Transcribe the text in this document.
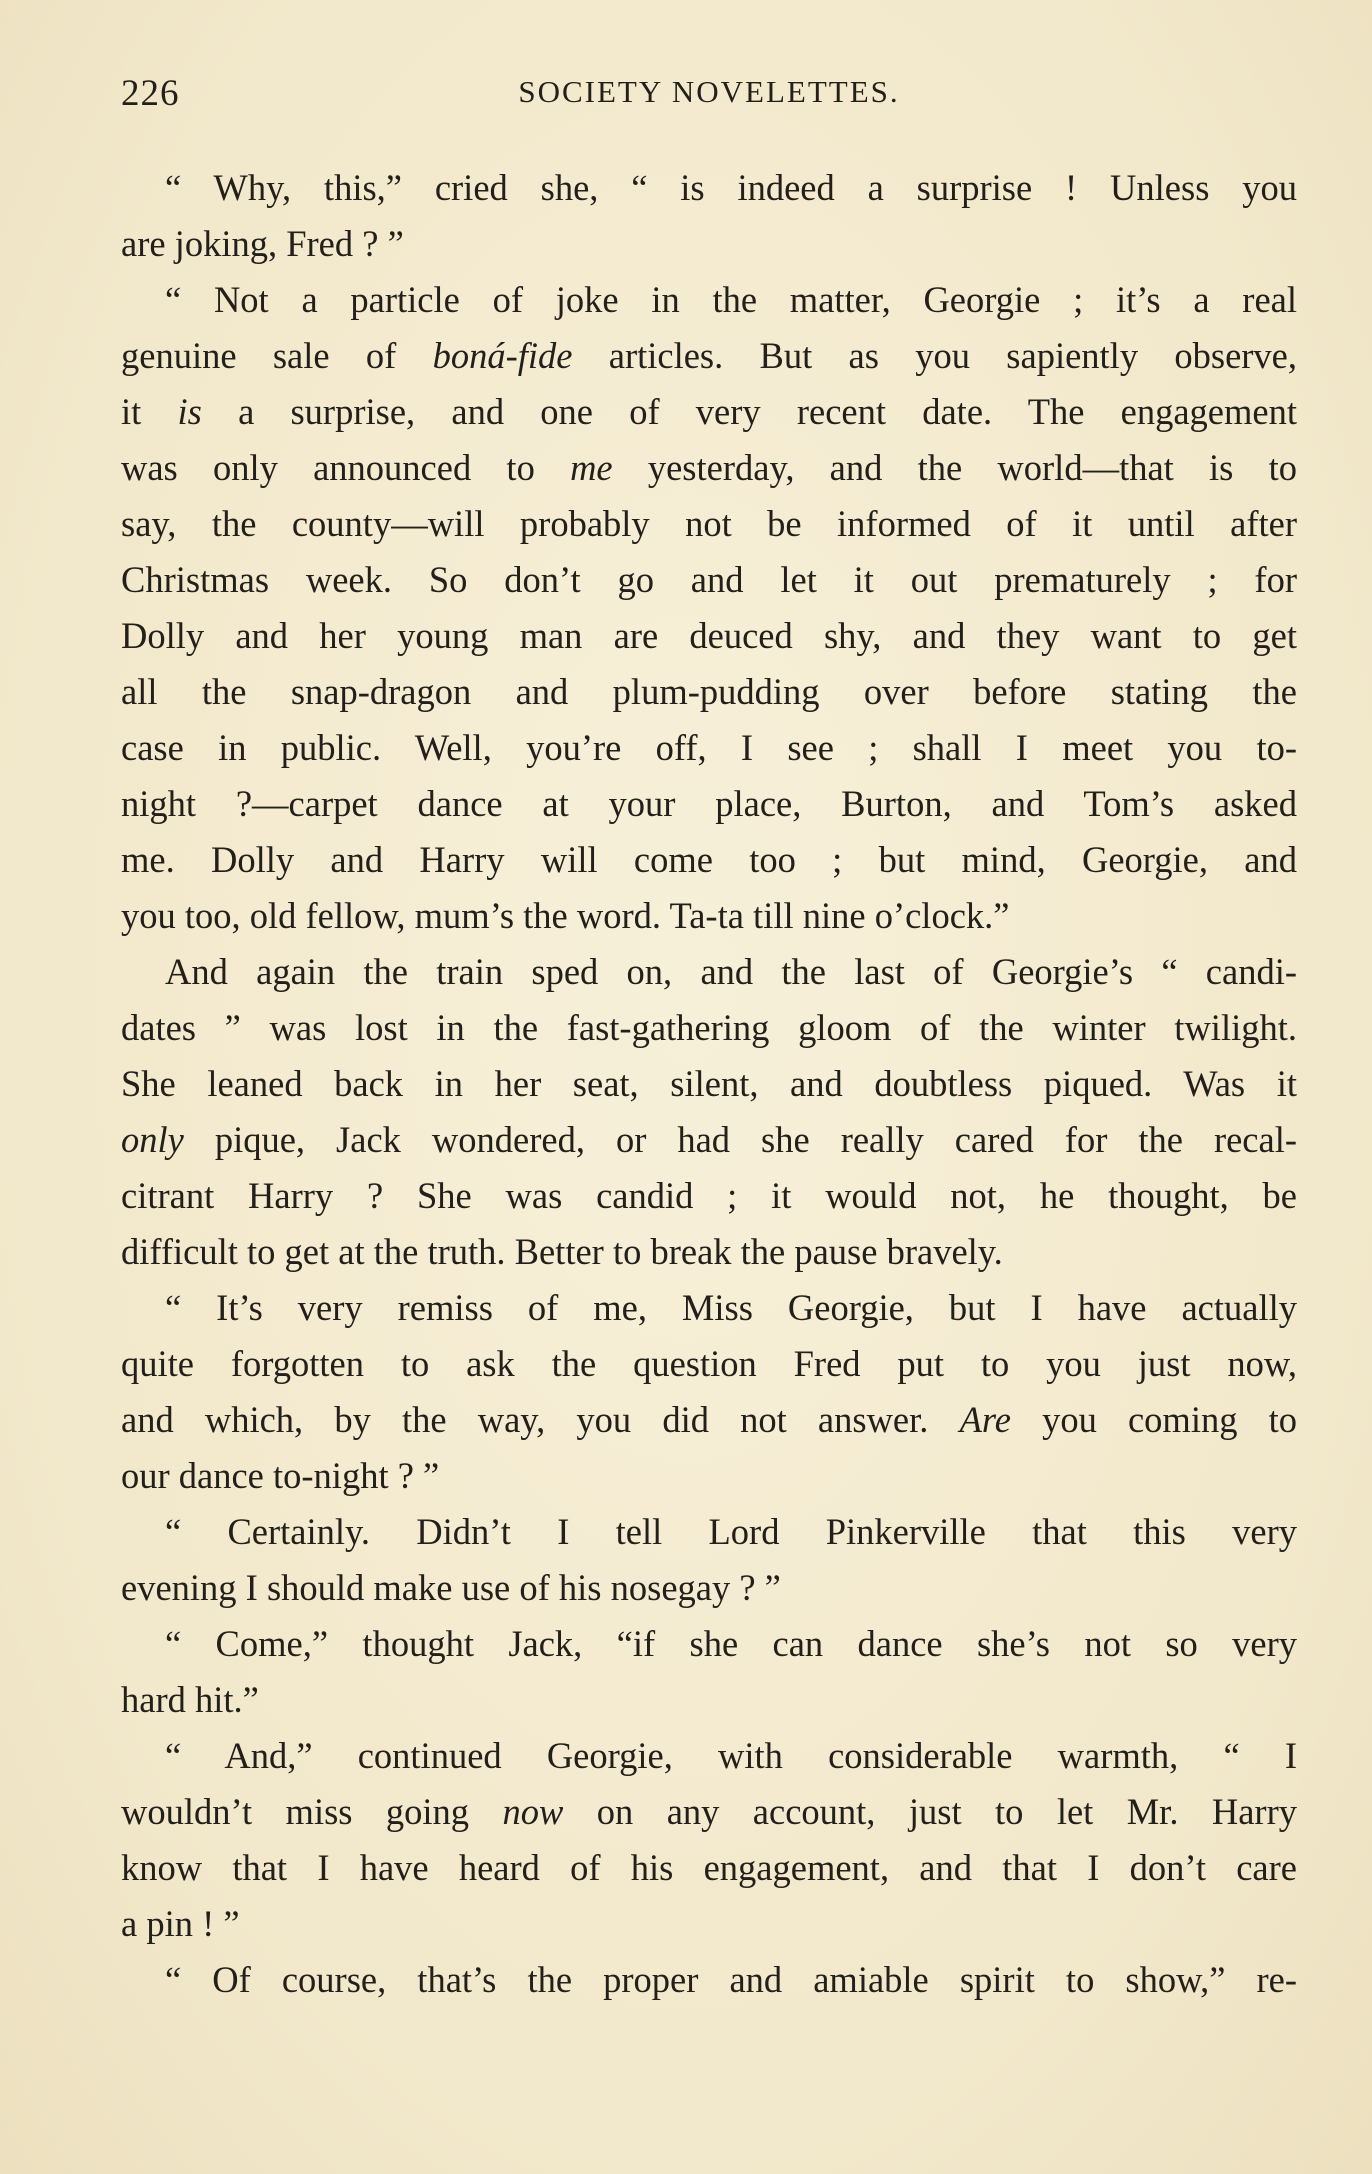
226	SOCIETY NOVELETTES.
“ Why, this,” cried she, “ is indeed a surprise ! Unless you
are joking, Fred ? ”
“ Not a particle of joke in the matter, Georgie ; it’s a real
genuine sale of boná-fide articles. But as you sapiently observe,
it is a surprise, and one of very recent date. The engagement
was only announced to me yesterday, and the world—that is to
say, the county—will probably not be informed of it until after
Christmas week. So don’t go and let it out prematurely ; for
Dolly and her young man are deuced shy, and they want to get
all the snap-dragon and plum-pudding over before stating the
case in public. Well, you’re off, I see ; shall I meet you to-
night ?—carpet dance at your place, Burton, and Tom’s asked
me. Dolly and Harry will come too ; but mind, Georgie, and
you too, old fellow, mum’s the word. Ta-ta till nine o’clock.”
And again the train sped on, and the last of Georgie’s “ candi-
dates ” was lost in the fast-gathering gloom of the winter twilight.
She leaned back in her seat, silent, and doubtless piqued. Was it
only pique, Jack wondered, or had she really cared for the recal-
citrant Harry ? She was candid ; it would not, he thought, be
difficult to get at the truth. Better to break the pause bravely.
“ It’s very remiss of me, Miss Georgie, but I have actually
quite forgotten to ask the question Fred put to you just now,
and which, by the way, you did not answer. Are you coming to
our dance to-night ? ”
“ Certainly. Didn’t I tell Lord Pinkerville that this very
evening I should make use of his nosegay ? ”
“ Come,” thought Jack, “if she can dance she’s not so very
hard hit.”
“ And,” continued Georgie, with considerable warmth, “ I
wouldn’t miss going now on any account, just to let Mr. Harry
know that I have heard of his engagement, and that I don’t care
a pin ! ”
“ Of course, that’s the proper and amiable spirit to show,” re-
